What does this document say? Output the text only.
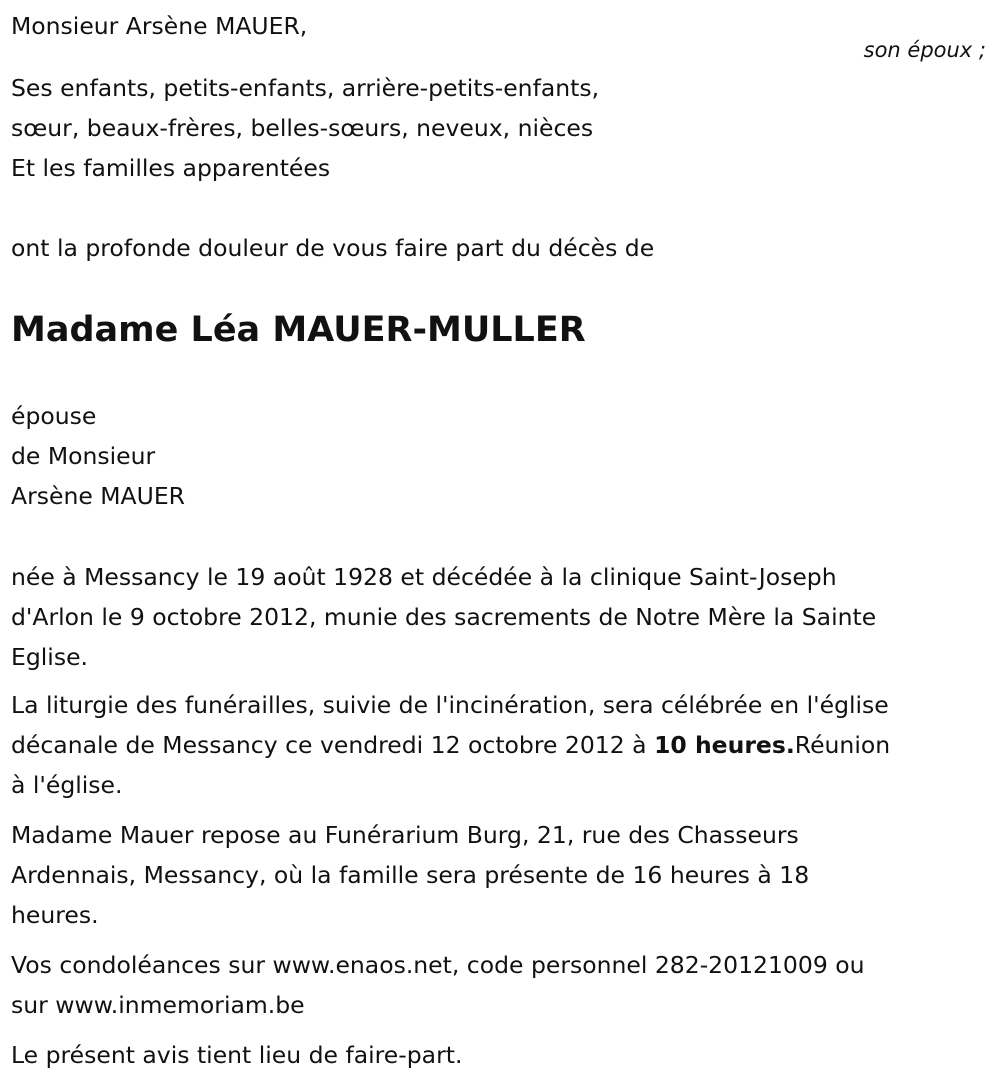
Monsieur Arsène MAUER,
son époux ;
Ses enfants, petits-enfants, arrière-petits-enfants,
sœur, beaux-frères, belles-sœurs, neveux, nièces
Et les familles apparentées
ont la profonde douleur de vous faire part du décès de
Madame Léa MAUER-MULLER
épouse
de Monsieur
Arsène MAUER
née à Messancy le 19 août 1928 et décédée à la clinique Saint-Joseph
d'Arlon le 9 octobre 2012, munie des sacrements de Notre Mère la Sainte
Eglise.
La liturgie des funérailles, suivie de l'incinération, sera célébrée en l'église
décanale de Messancy ce vendredi 12 octobre 2012 à 10 heures.Réunion
à l'église.
Madame Mauer repose au Funérarium Burg, 21, rue des Chasseurs
Ardennais, Messancy, où la famille sera présente de 16 heures à 18
heures.
Vos condoléances sur www.enaos.net, code personnel 282-20121009 ou
sur www.inmemoriam.be
Le présent avis tient lieu de faire-part.
